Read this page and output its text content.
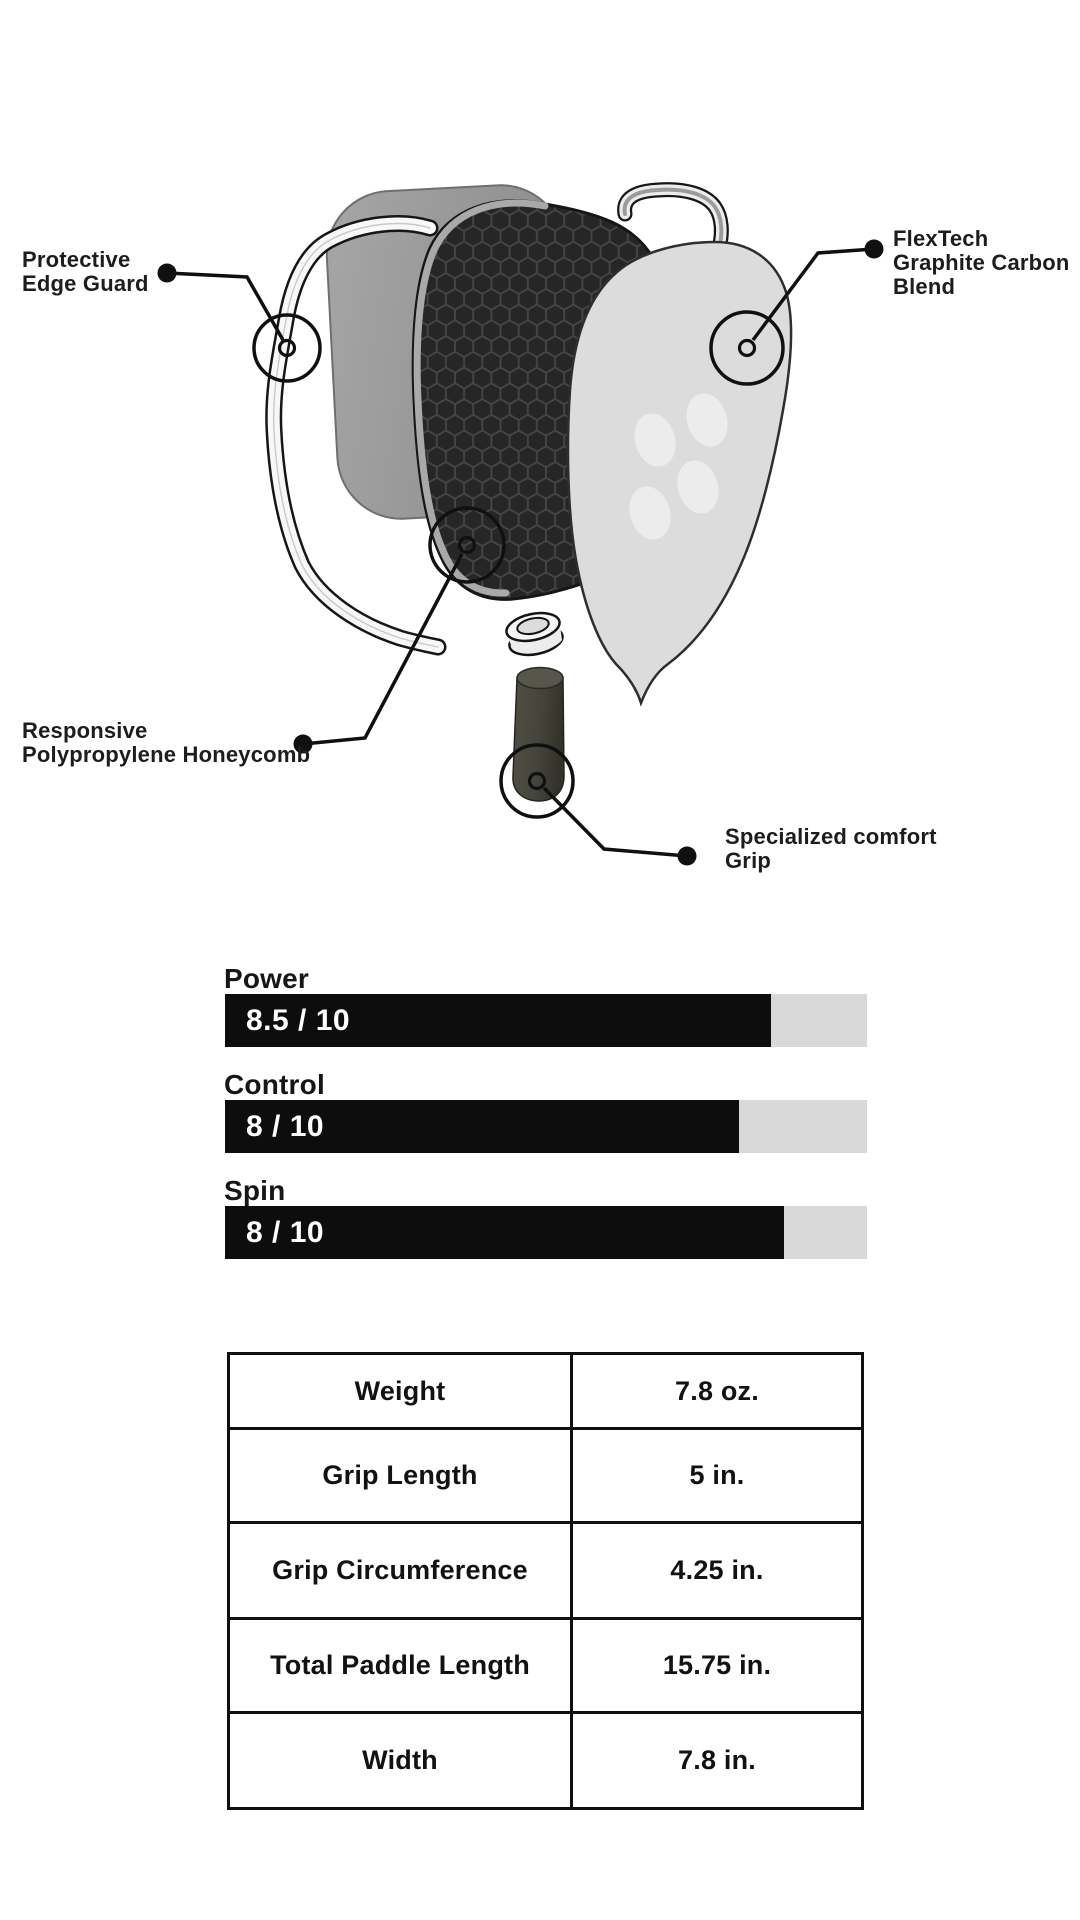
Protective
Edge Guard
FlexTech
Graphite Carbon
Blend
Responsive
Polypropylene Honeycomb
Specialized comfort
Grip
Power
8.5 / 10
Control
8 / 10
Spin
8 / 10
Weight	7.8 oz.
Grip Length	5 in.
Grip Circumference	4.25 in.
Total Paddle Length	15.75 in.
Width	7.8 in.
